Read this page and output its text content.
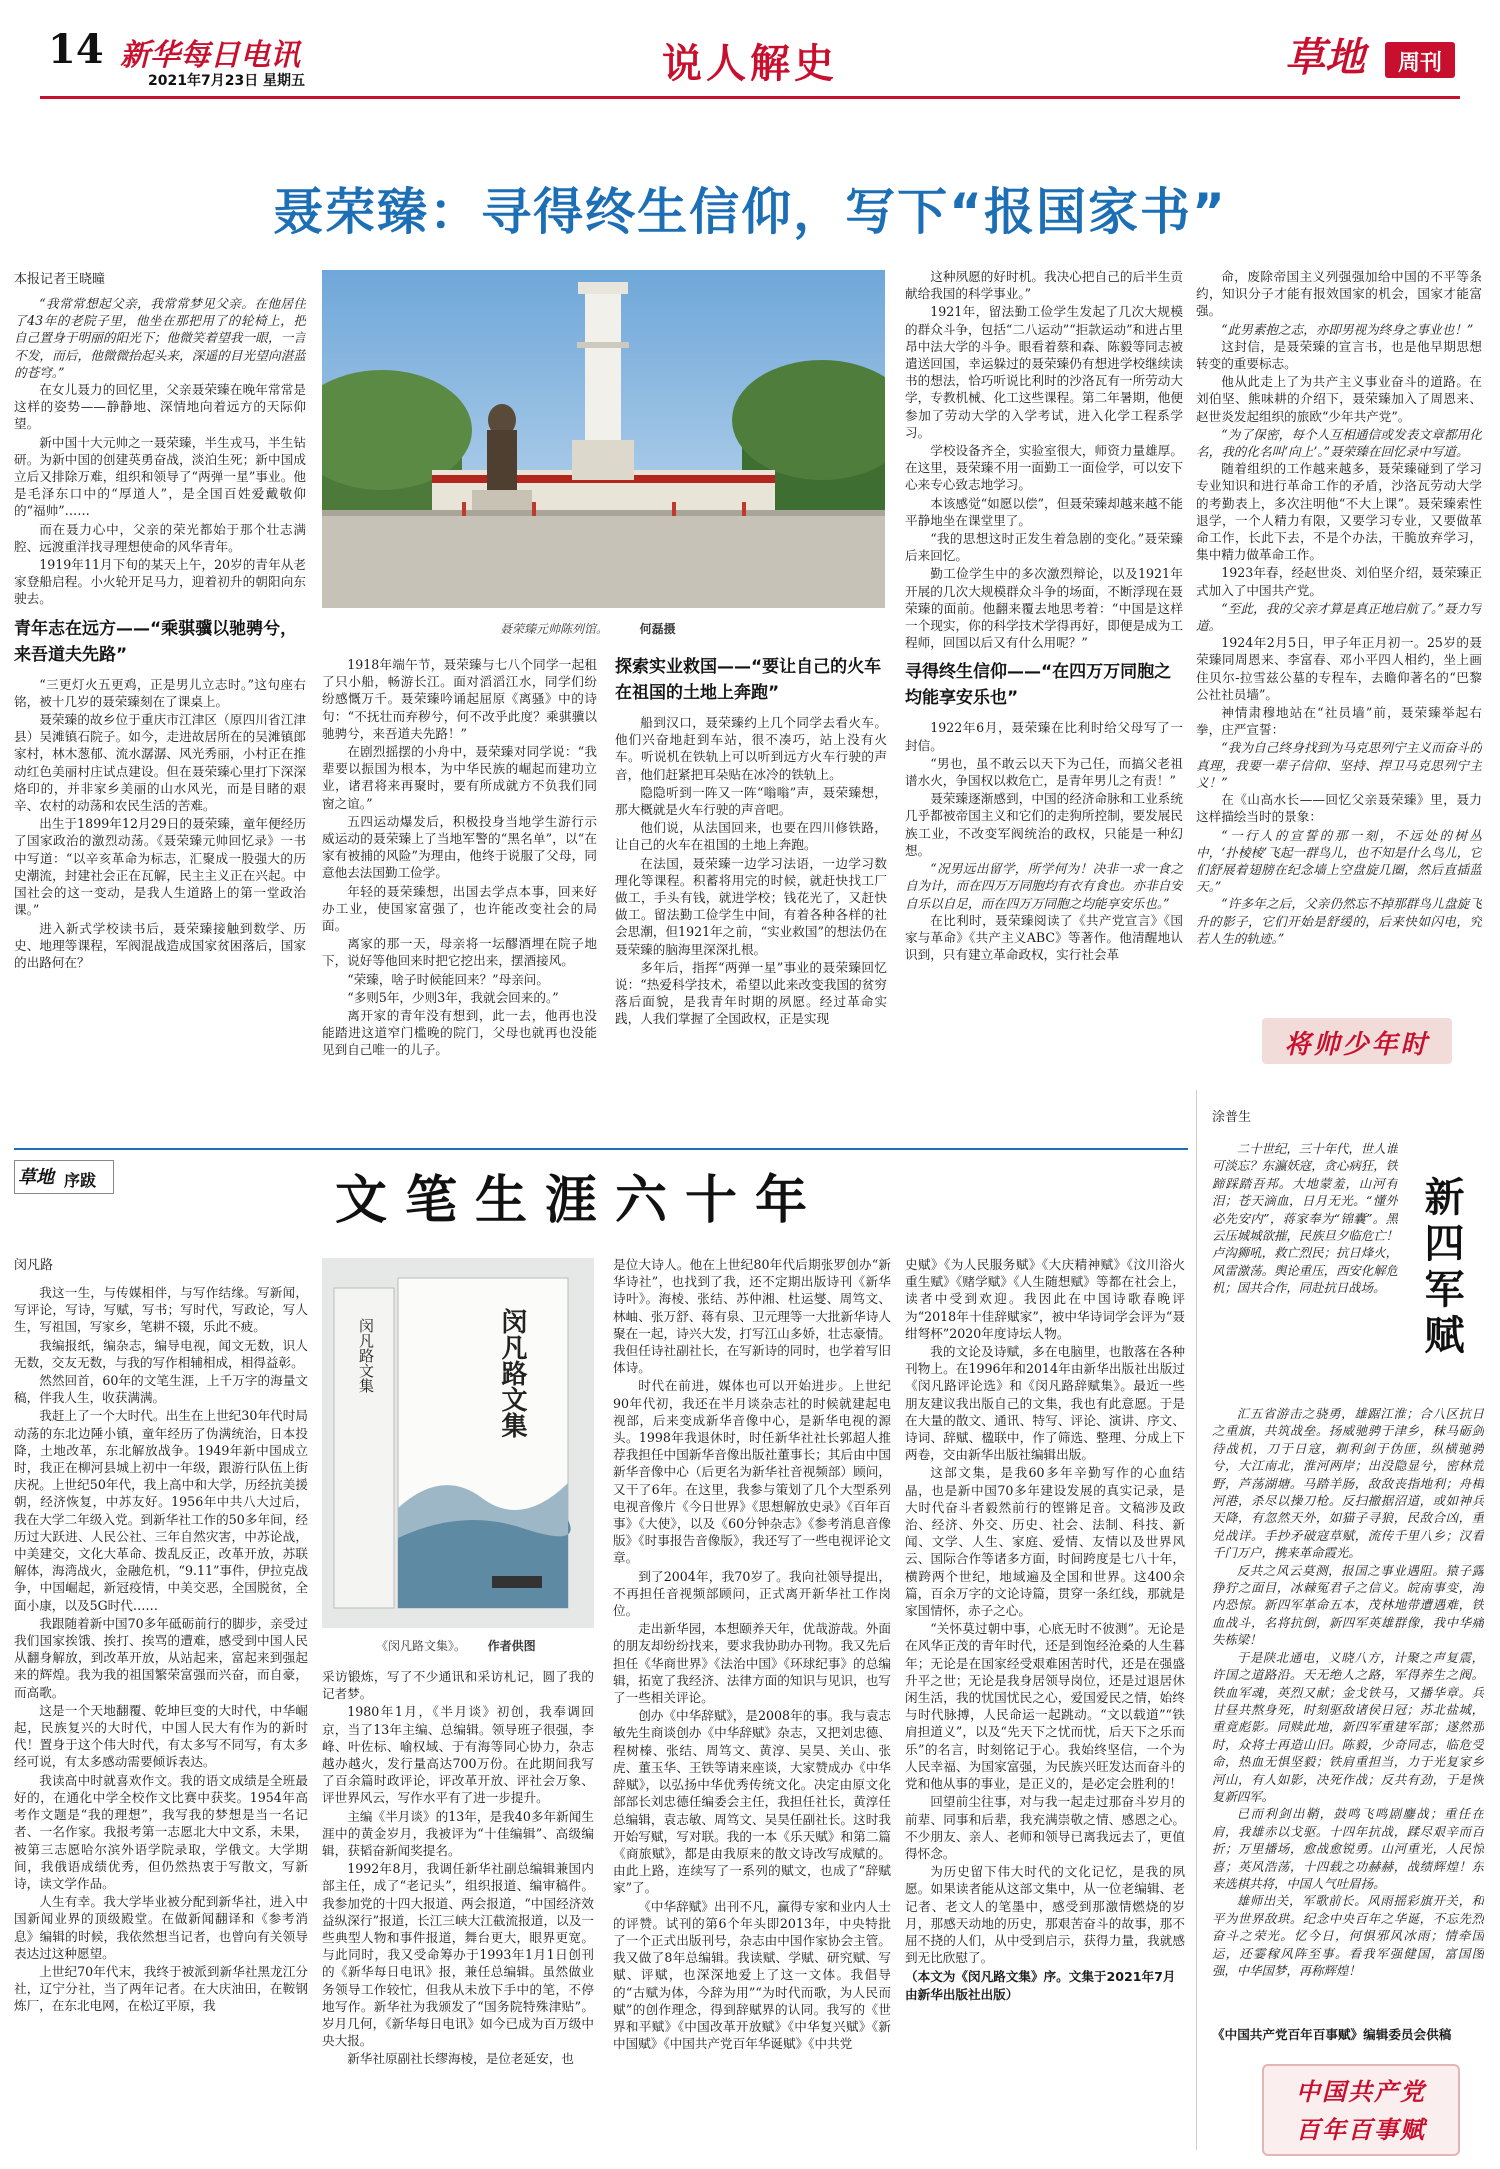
14 新华每日电讯
2021年7月23日 星期五	说人解史	草地	周刊
聂荣臻：寻得终生信仰，写下“报国家书”
本报记者王晓曈

“我常常想起父亲，我常常梦见父亲。在他居住了43年的老院子里，他坐在那把用了的轮椅上，把自己置身于明丽的阳光下；他微笑着望我一眼，一言不发，而后，他微微抬起头来，深遥的目光望向湛蓝的苍穹。”

在女儿聂力的回忆里，父亲聂荣臻在晚年常常是这样的姿势——静静地、深情地向着远方的天际仰望。

新中国十大元帅之一聂荣臻，半生戎马，半生钻研。为新中国的创建英勇奋战，淡泊生死；新中国成立后又排除万难，组织和领导了“两弹一星”事业。他是毛泽东口中的“厚道人”，是全国百姓爱戴敬仰的“福帅”……

而在聂力心中，父亲的荣光都始于那个壮志满腔、远渡重洋找寻理想使命的风华青年。

1919年11月下旬的某天上午，20岁的青年从老家登船启程。小火轮开足马力，迎着初升的朝阳向东驶去。

青年志在远方——“乘骐骥以驰骋兮，来吾道夫先路”

“三更灯火五更鸡，正是男儿立志时。”这句座右铭，被十几岁的聂荣臻刻在了课桌上。

聂荣臻的故乡位于重庆市江津区（原四川省江津县）吴滩镇石院子。如今，走进故居所在的吴滩镇郎家村，林木葱郁、流水潺潺、风光秀丽，小村正在推动红色美丽村庄试点建设。但在聂荣臻心里打下深深烙印的，并非家乡美丽的山水风光，而是目睹的艰辛、农村的动荡和农民生活的苦难。

出生于1899年12月29日的聂荣臻，童年便经历了国家政治的激烈动荡。《聂荣臻元帅回忆录》一书中写道：“以辛亥革命为标志，汇聚成一股强大的历史潮流，封建社会正在瓦解，民主主义正在兴起。中国社会的这一变动，是我人生道路上的第一堂政治课。”

进入新式学校读书后，聂荣臻接触到数学、历史、地理等课程，军阀混战造成国家贫困落后，国家的出路何在？

聂荣臻元帅陈列馆。	何磊摄

1918年端午节，聂荣臻与七八个同学一起租了只小船，畅游长江。面对滔滔江水，同学们纷纷感慨万千。聂荣臻吟诵起屈原《离骚》中的诗句：“不抚壮而弃秽兮，何不改乎此度？乘骐骥以驰骋兮，来吾道夫先路！”

在剧烈摇摆的小舟中，聂荣臻对同学说：“我辈要以振国为根本，为中华民族的崛起而建功立业，诸君将来再聚时，要有所成就方不负我们同窗之谊。”

五四运动爆发后，积极投身当地学生游行示威运动的聂荣臻上了当地军警的“黑名单”，以“在家有被捕的风险”为理由，他终于说服了父母，同意他去法国勤工俭学。

年轻的聂荣臻想，出国去学点本事，回来好办工业，使国家富强了，也许能改变社会的局面。

离家的那一天，母亲将一坛醪酒埋在院子地下，说好等他回来时把它挖出来，摆酒接风。

“荣臻，啥子时候能回来？”母亲问。

“多则5年，少则3年，我就会回来的。”

离开家的青年没有想到，此一去，他再也没能踏进这道窄门槛晚的院门，父母也就再也没能见到自己唯一的儿子。

探索实业救国——“要让自己的火车在祖国的土地上奔跑”

船到汉口，聂荣臻约上几个同学去看火车。他们兴奋地赶到车站，很不凑巧，站上没有火车。听说机在铁轨上可以听到远方火车行驶的声音，他们赶紧把耳朵贴在冰冷的铁轨上。

隐隐听到一阵又一阵“嗡嗡”声，聂荣臻想，那大概就是火车行驶的声音吧。

他们说，从法国回来，也要在四川修铁路，让自己的火车在祖国的土地上奔跑。

在法国，聂荣臻一边学习法语，一边学习数理化等课程。积蓄将用完的时候，就赶快找工厂做工，手头有钱，就进学校；钱花光了，又赶快做工。留法勤工俭学生中间，有着各种各样的社会思潮，但1921年之前，“实业救国”的想法仍在聂荣臻的脑海里深深扎根。

多年后，指挥“两弹一星”事业的聂荣臻回忆说：“热爱科学技术，希望以此来改变我国的贫穷落后面貌，是我青年时期的夙愿。经过革命实践，人我们掌握了全国政权，正是实现

这种夙愿的好时机。我决心把自己的后半生贡献给我国的科学事业。”

1921年，留法勤工俭学生发起了几次大规模的群众斗争，包括“二八运动”“拒款运动”和进占里昂中法大学的斗争。眼看着蔡和森、陈毅等同志被遣送回国，幸运躲过的聂荣臻仍有想进学校继续读书的想法，恰巧听说比利时的沙洛瓦有一所劳动大学，专教机械、化工这些课程。第二年暑期，他便参加了劳动大学的入学考试，进入化学工程系学习。

学校设备齐全，实验室很大，师资力量雄厚。在这里，聂荣臻不用一面勤工一面俭学，可以安下心来专心致志地学习。

本该感觉“如愿以偿”，但聂荣臻却越来越不能平静地坐在课堂里了。

“我的思想这时正发生着急剧的变化。”聂荣臻后来回忆。

勤工俭学生中的多次激烈辩论，以及1921年开展的几次大规模群众斗争的场面，不断浮现在聂荣臻的面前。他翻来覆去地思考着：“中国是这样一个现实，你的科学技术学得再好，即便是成为工程师，回国以后又有什么用呢？”

寻得终生信仰——“在四万万同胞之均能享安乐也”

1922年6月，聂荣臻在比利时给父母写了一封信。

“男也，虽不敢云以天下为己任，而搞父老祖谱水火，争国权以救危亡，是青年男儿之有责！”

聂荣臻逐渐感到，中国的经济命脉和工业系统几乎都被帝国主义和它们的走狗所控制，要发展民族工业，不改变军阀统治的政权，只能是一种幻想。

“况男远出留学，所学何为！决非一求一食之自为计，而在四万万同胞均有衣有食也。亦非自安自乐以自足，而在四万万同胞之均能享安乐也。”

在比利时，聂荣臻阅读了《共产党宣言》《国家与革命》《共产主义ABC》等著作。他清醒地认识到，只有建立革命政权，实行社会革

命，废除帝国主义列强强加给中国的不平等条约，知识分子才能有报效国家的机会，国家才能富强。

“此男素抱之志，亦即男视为终身之事业也！”

这封信，是聂荣臻的宣言书，也是他早期思想转变的重要标志。

他从此走上了为共产主义事业奋斗的道路。在刘伯坚、熊味耕的介绍下，聂荣臻加入了周恩来、赵世炎发起组织的旅欧“少年共产党”。

“为了保密，每个人互相通信或发表文章都用化名，我的化名叫‘向上’。”聂荣臻在回忆录中写道。

随着组织的工作越来越多，聂荣臻碰到了学习专业知识和进行革命工作的矛盾，沙洛瓦劳动大学的考勤表上，多次注明他“不大上课”。聂荣臻索性退学，一个人精力有限，又要学习专业，又要做革命工作，长此下去，不是个办法，干脆放弃学习，集中精力做革命工作。

1923年春，经赵世炎、刘伯坚介绍，聂荣臻正式加入了中国共产党。

“至此，我的父亲才算是真正地启航了。”聂力写道。

1924年2月5日，甲子年正月初一。25岁的聂荣臻同周恩来、李富春、邓小平四人相约，坐上画住贝尔-拉雪兹公墓的专程车，去瞻仰著名的“巴黎公社社员墙”。

神情肃穆地站在“社员墙”前，聂荣臻举起右拳，庄严宣誓：

“我为自己终身找到为马克思列宁主义而奋斗的真理，我要一辈子信仰、坚持、捍卫马克思列宁主义！”

在《山高水长——回忆父亲聂荣臻》里，聂力这样描绘当时的景象：

“一行人的宣誓的那一刻，不远处的树丛中，‘扑棱棱’飞起一群鸟儿，也不知是什么鸟儿，它们舒展着翅膀在纪念墙上空盘旋几圈，然后直插蓝天。”

“许多年之后，父亲仍然忘不掉那群鸟儿盘旋飞升的影子，它们开始是舒缓的，后来快如闪电，究若人生的轨迹。”

将帅少年时
草地 序跋	文笔生涯六十年
闵凡路

我这一生，与传媒相伴，与写作结缘。写新闻，写评论，写诗，写赋，写书；写时代，写政论，写人生，写祖国，写家乡，笔耕不辍，乐此不疲。

我编报纸，编杂志，编导电视，闻文无数，识人无数，交友无数，与我的写作相辅相成，相得益彰。

然然回首，60年的文笔生涯，上千万字的海量文稿，伴我人生，收获满满。

我赶上了一个大时代。出生在上世纪30年代时局动荡的东北边陲小镇，童年经历了伪满统治，日本投降，土地改革，东北解放战争。1949年新中国成立时，我正在柳河县城上初中一年级，跟游行队伍上街庆祝。上世纪50年代，我上高中和大学，历经抗美援朝，经济恢复，中苏友好。1956年中共八大过后，我在大学二年级入党。到新华社工作的50多年间，经历过大跃进、人民公社、三年自然灾害，中苏论战，中美建交，文化大革命、拨乱反正，改革开放，苏联解体，海湾战火，金融危机，“9.11”事件，伊拉克战争，中国崛起，新冠疫情，中美交恶，全国脱贫，全面小康，以及5G时代……

我跟随着新中国70多年砥砺前行的脚步，亲受过我们国家挨饿、挨打、挨骂的遭难，感受到中国人民从翻身解放，到改革开放，从站起来，富起来到强起来的辉煌。我为我的祖国繁荣富强而兴奋，而自豪，而高歌。

这是一个天地翻覆、乾坤巨变的大时代，中华崛起，民族复兴的大时代，中国人民大有作为的新时代！置身于这个伟大时代，有太多写不同写，有太多经可说，有太多感动需要倾诉表达。

我读高中时就喜欢作文。我的语文成绩是全班最好的，在通化中学全校作文比赛中获奖。1954年高考作文题是“我的理想”，我写我的梦想是当一名记者、一名作家。我报考第一志愿北大中文系，未果，被第三志愿哈尔滨外语学院录取，学俄文。大学期间，我俄语成绩优秀，但仍然热衷于写散文，写新诗，读文学作品。

人生有幸。我大学毕业被分配到新华社，进入中国新闻业界的顶级殿堂。在做新闻翻译和《参考消息》编辑的时候，我依然想当记者，也曾向有关领导表达过这种愿望。

上世纪70年代末，我终于被派到新华社黑龙江分社，辽宁分社，当了两年记者。在大庆油田，在鞍钢炼厂，在东北电网，在松辽平原，我

闵凡路文集
闵凡路文集
《闵凡路文集》。 作者供图

采访锻炼，写了不少通讯和采访札记，圆了我的记者梦。

1980年1月，《半月谈》初创，我奉调回京，当了13年主编、总编辑。领导班子很强，李峰、叶佐标、喻权域、于有海等同心协力，杂志越办越火，发行量高达700万份。在此期间我写了百余篇时政评论，评改革开放、评社会万象、评世界风云，写作水平有了进一步提升。

主编《半月谈》的13年，是我40多年新闻生涯中的黄金岁月，我被评为“十佳编辑”、高级编辑，获韬奋新闻奖提名。

1992年8月，我调任新华社副总编辑兼国内部主任，成了“老记头”，组织报道、编审稿件。我参加党的十四大报道、两会报道，“中国经济效益纵深行”报道，长江三峡大江截流报道，以及一些典型人物和事件报道，舞台更大，眼界更宽。与此同时，我又受命筹办于1993年1月1日创刊的《新华每日电讯》报，兼任总编辑。虽然做业务领导工作较忙，但我从未放下手中的笔，不停地写作。新华社为我颁发了“国务院特殊津贴”。岁月几何，《新华每日电讯》如今已成为百万级中央大报。

新华社原副社长缪海棱，是位老延安，也

是位大诗人。他在上世纪80年代后期张罗创办“新华诗社”，也找到了我，还不定期出版诗刊《新华诗叶》。海棱、张结、苏仲湘、杜运燮、周笃文、林岫、张万舒、蒋有泉、卫元理等一大批新华诗人聚在一起，诗兴大发，打写江山多娇，壮志豪情。我但任诗社副社长，在写新诗的同时，也学着写旧体诗。

时代在前进，媒体也可以开始进步。上世纪90年代初，我还在半月谈杂志社的时候就建起电视部，后来变成新华音像中心，是新华电视的源头。1998年我退休时，时任新华社社长郭超人推荐我担任中国新华音像出版社董事长；其后由中国新华音像中心（后更名为新华社音视频部）顾问，又干了6年。在这里，我参与策划了几个大型系列电视音像片《今日世界》《思想解放史录》《百年百事》《大使》，以及《60分钟杂志》《参考消息音像版》《时事报告音像版》，我还写了一些电视评论文章。

到了2004年，我70岁了。我向社领导提出，不再担任音视频部顾问，正式离开新华社工作岗位。

走出新华园，本想颐养天年，优哉游哉。外面的朋友却纷纷找来，要求我协助办刊物。我又先后担任《华商世界》《法治中国》《环球纪事》的总编辑，拓宽了我经济、法律方面的知识与见识，也写了一些相关评论。

创办《中华辞赋》，是2008年的事。我与袁志敏先生商谈创办《中华辞赋》杂志，又把刘忠德、程树榛、张结、周笃文、黄淳、吴昊、关山、张虎、董玉华、王铁等请来座谈，大家赞成办《中华辞赋》，以弘扬中华优秀传统文化。决定由原文化部部长刘忠德任编委会主任，我担任社长，黄淳任总编辑，袁志敏、周笃文、吴昊任副社长。这时我开始写赋，写对联。我的一本《乐天赋》和第二篇《商旅赋》，都是由我原来的散文诗改写成赋的。由此上路，连续写了一系列的赋文，也成了“辞赋家”了。

《中华辞赋》出刊不凡，赢得专家和业内人士的评赞。试刊的第6个年头即2013年，中央特批了一个正式出版刊号，杂志由中国作家协会主管。我又做了8年总编辑。我读赋、学赋、研究赋、写赋、评赋，也深深地爱上了这一文体。我倡导的“古赋为体，今辞为用”“为时代而歌，为人民而赋”的创作理念，得到辞赋界的认同。我写的《世界和平赋》《中国改革开放赋》《中华复兴赋》《新中国赋》《中国共产党百年华诞赋》《中共党

史赋》《为人民服务赋》《大庆精神赋》《汶川浴火重生赋》《赌学赋》《人生随想赋》等都在社会上，读者中受到欢迎。我因此在中国诗歌春晚评为“2018年十佳辞赋家”，被中华诗词学会评为“聂绀弩杯”2020年度诗坛人物。

我的文论及诗赋，多在电脑里，也散落在各种刊物上。在1996年和2014年由新华出版社出版过《闵凡路评论选》和《闵凡路辞赋集》。最近一些朋友建议我出版自己的文集，我也有此意愿。于是在大量的散文、通讯、特写、评论、演讲、序文、诗词、辞赋、楹联中，作了筛选、整理、分成上下两卷，交由新华出版社编辑出版。

这部文集，是我60多年辛勤写作的心血结晶，也是新中国70多年建设发展的真实记录，是大时代奋斗者毅然前行的铿锵足音。文稿涉及政治、经济、外交、历史、社会、法制、科技、新闻、文学、人生、家庭、爱情、友情以及世界风云、国际合作等诸多方面，时间跨度是七八十年，横跨两个世纪，地域遍及全国和世界。这400余篇，百余万字的文论诗篇，贯穿一条红线，那就是家国情怀，赤子之心。

“关怀莫过朝中事，心底无时不彼测”。无论是在风华正茂的青年时代，还是到饱经沧桑的人生暮年；无论是在国家经受艰难困苦时代，还是在强盛升平之世；无论是我身居领导岗位，还是过退居休闲生活，我的忧国忧民之心，爱国爱民之情，始终与时代脉搏，人民命运一起跳动。“文以载道”“铁肩担道义”，以及“先天下之忧而忧，后天下之乐而乐”的名言，时刻铭记于心。我始终坚信，一个为人民幸福、为国家富强，为民族兴旺发达而奋斗的党和他从事的事业，是正义的，是必定会胜利的！

回望前尘往事，对与我一起走过那奋斗岁月的前辈、同事和后辈，我充满崇敬之情、感恩之心。不少朋友、亲人、老师和领导已离我远去了，更值得怀念。

为历史留下伟大时代的文化记忆，是我的夙愿。如果读者能从这部文集中，从一位老编辑、老记者、老文人的笔墨中，感受到那激情燃烧的岁月，那感天动地的历史，那艰苦奋斗的故事，那不屈不挠的人们，从中受到启示，获得力量，我就感到无比欣慰了。

（本文为《闵凡路文集》序。文集于2021年7月由新华出版社出版）

涂普生
新四军赋

二十世纪，三十年代，世人谁可淡忘？东瀛妖寇，贪心病狂，铁蹄踩踏吾邦。大地蒙羞，山河有泪；苍天滴血，日月无光。“懂外必先安内”，蒋家奉为“锦囊”。黑云压城城欲摧，民族旦夕临危亡！卢沟狮吼，救亡烈民；抗日烽火，风雷激荡。舆论重压，西安化解危机；国共合作，同赴抗日战场。

汇五省游击之骁勇，雄踞江淮；合八区抗日之重旗，共筑战垒。扬威驰骋于津乡，秣马砺剑待战机，刀于日寇，剃利剑于伪匪，纵横驰骋兮，大江南北，淮河两岸；出没隐显兮，密林荒野，芦荡湖塘。马踏羊肠，敌敌丧指地利；舟楫河港，杀尽以操刀枪。反扫撤据沼道，或如神兵天降，有忽然天外，如猫子寻狼，民敌合凶，重兑战详。手抄矛破寇草赋，流传千里八乡；汉看千门万户，携来革命霞光。

反共之风云莫测，报国之事业遇阻。猿子露狰狞之面目，冰棘冤君子之信义。皖南事变，海内恐惊。新四军革命五本，茂林地带遭遇难，铁血战斗，名将抗倒，新四军英雄群像，我中华痛失栋梁！

于是陕北通电，义晓八方，计聚之声复震，许国之道路沿。天无绝人之路，军得养生之阀。铁血军魂，英烈又献；金戈铁马，又播华章。兵甘昼共熬身死，时刻驱敌诸侯日冠；苏北盐城，重竟彪影。同赎此地，新四军重建军部；遂然那时，众将士再造山旧。陈毅，少奇同志，临危受命，热血无惧坚毅；铁肩重担当，力于光复家乡河山，有人如影，决死作战；反共有劲，于是恢复新四军。

已而利剑出鞘，鼓鸣飞鸣剧鏖战；重任在肩，我雄赤以戈驱。十四年抗战，蹂尽艰辛而百折；万里播场，愈战愈锐勇。山河重光，人民惊喜；英风浩荡，十四载之功赫赫，战绩辉煌！东来选棋共将，中国人气吐眉扬。

雄师出关，军歌前长。风雨摇彩旗开关，和平为世界敌珙。纪念中央百年之华诞，不忘先烈奋斗之荣光。忆今日，何惧邪风冰雨；情牵国运，还霎稼风阵至事。看我军强健国，富国图强，中华国梦，再称辉煌！

《中国共产党百年百事赋》编辑委员会供稿
中国共产党
百年百事赋
